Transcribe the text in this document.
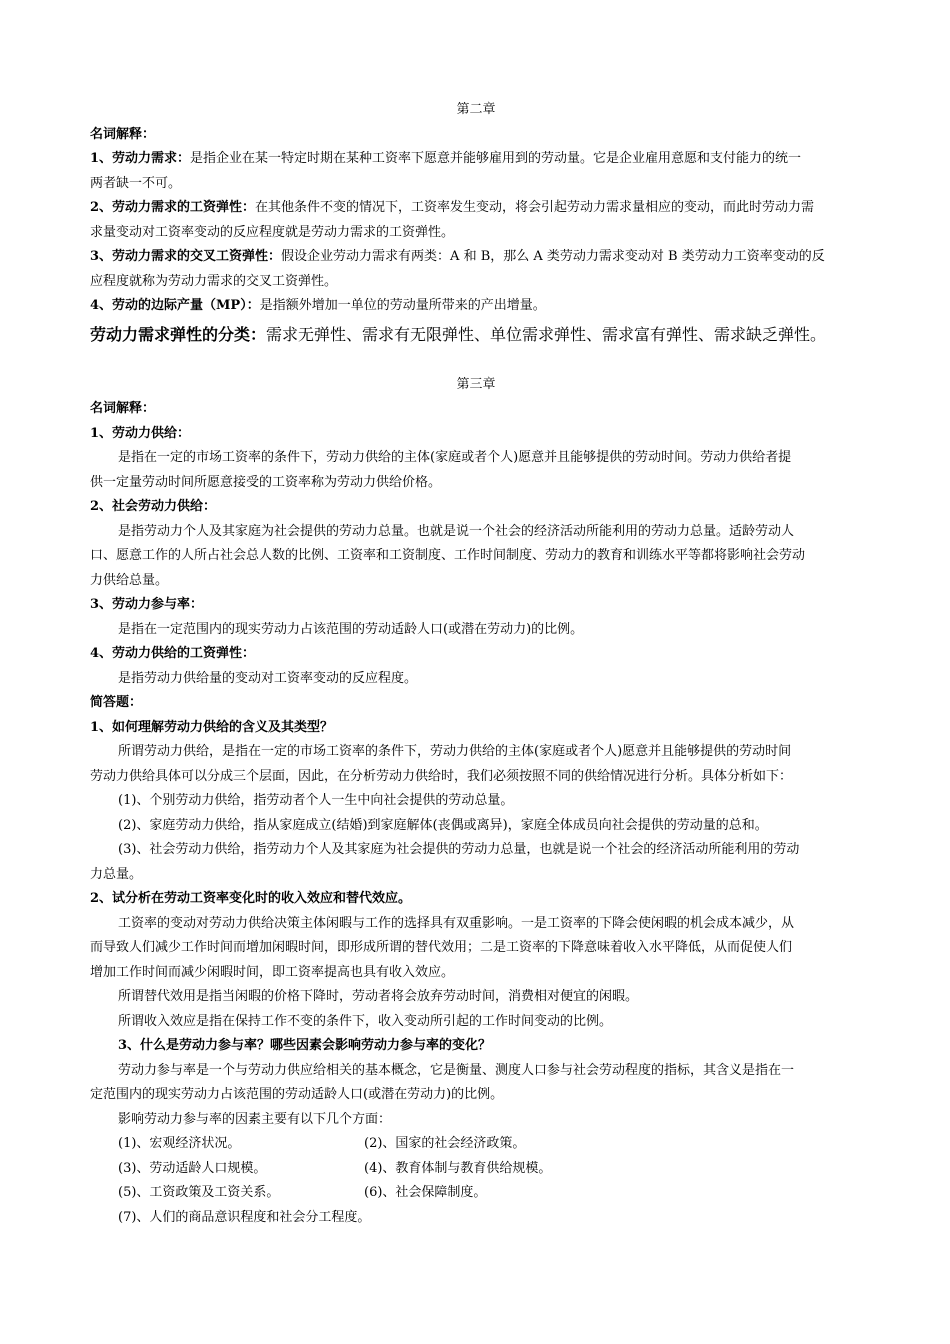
第二章
名词解释：
1、劳动力需求：是指企业在某一特定时期在某种工资率下愿意并能够雇用到的劳动量。它是企业雇用意愿和支付能力的统一
两者缺一不可。
2、劳动力需求的工资弹性：在其他条件不变的情况下，工资率发生变动，将会引起劳动力需求量相应的变动，而此时劳动力需
求量变动对工资率变动的反应程度就是劳动力需求的工资弹性。
3、劳动力需求的交叉工资弹性：假设企业劳动力需求有两类：A 和 B，那么 A 类劳动力需求变动对 B 类劳动力工资率变动的反
应程度就称为劳动力需求的交叉工资弹性。
4、劳动的边际产量（MP）：是指额外增加一单位的劳动量所带来的产出增量。
劳动力需求弹性的分类：需求无弹性、需求有无限弹性、单位需求弹性、需求富有弹性、需求缺乏弹性。
第三章
名词解释：
1、劳动力供给：
是指在一定的市场工资率的条件下，劳动力供给的主体(家庭或者个人)愿意并且能够提供的劳动时间。劳动力供给者提
供一定量劳动时间所愿意接受的工资率称为劳动力供给价格。
2、社会劳动力供给：
是指劳动力个人及其家庭为社会提供的劳动力总量。也就是说一个社会的经济活动所能利用的劳动力总量。适龄劳动人
口、愿意工作的人所占社会总人数的比例、工资率和工资制度、工作时间制度、劳动力的教育和训练水平等都将影响社会劳动
力供给总量。
3、劳动力参与率：
是指在一定范围内的现实劳动力占该范围的劳动适龄人口(或潜在劳动力)的比例。
4、劳动力供给的工资弹性：
是指劳动力供给量的变动对工资率变动的反应程度。
简答题：
1、如何理解劳动力供给的含义及其类型？
所谓劳动力供给，是指在一定的市场工资率的条件下，劳动力供给的主体(家庭或者个人)愿意并且能够提供的劳动时间
劳动力供给具体可以分成三个层面，因此，在分析劳动力供给时，我们必须按照不同的供给情况进行分析。具体分析如下：
(1)、个别劳动力供给，指劳动者个人一生中向社会提供的劳动总量。
(2)、家庭劳动力供给，指从家庭成立(结婚)到家庭解体(丧偶或离异)，家庭全体成员向社会提供的劳动量的总和。
(3)、社会劳动力供给，指劳动力个人及其家庭为社会提供的劳动力总量，也就是说一个社会的经济活动所能利用的劳动
力总量。
2、试分析在劳动工资率变化时的收入效应和替代效应。
工资率的变动对劳动力供给决策主体闲暇与工作的选择具有双重影响。一是工资率的下降会使闲暇的机会成本减少，从
而导致人们减少工作时间而增加闲暇时间，即形成所谓的替代效用；二是工资率的下降意味着收入水平降低，从而促使人们
增加工作时间而减少闲暇时间，即工资率提高也具有收入效应。
所谓替代效用是指当闲暇的价格下降时，劳动者将会放弃劳动时间，消费相对便宜的闲暇。
所谓收入效应是指在保持工作不变的条件下，收入变动所引起的工作时间变动的比例。
3、什么是劳动力参与率？哪些因素会影响劳动力参与率的变化？
劳动力参与率是一个与劳动力供应给相关的基本概念，它是衡量、测度人口参与社会劳动程度的指标，其含义是指在一
定范围内的现实劳动力占该范围的劳动适龄人口(或潜在劳动力)的比例。
影响劳动力参与率的因素主要有以下几个方面：
(1)、宏观经济状况。	(2)、国家的社会经济政策。
(3)、劳动适龄人口规模。	(4)、教育体制与教育供给规模。
(5)、工资政策及工资关系。	(6)、社会保障制度。
(7)、人们的商品意识程度和社会分工程度。
